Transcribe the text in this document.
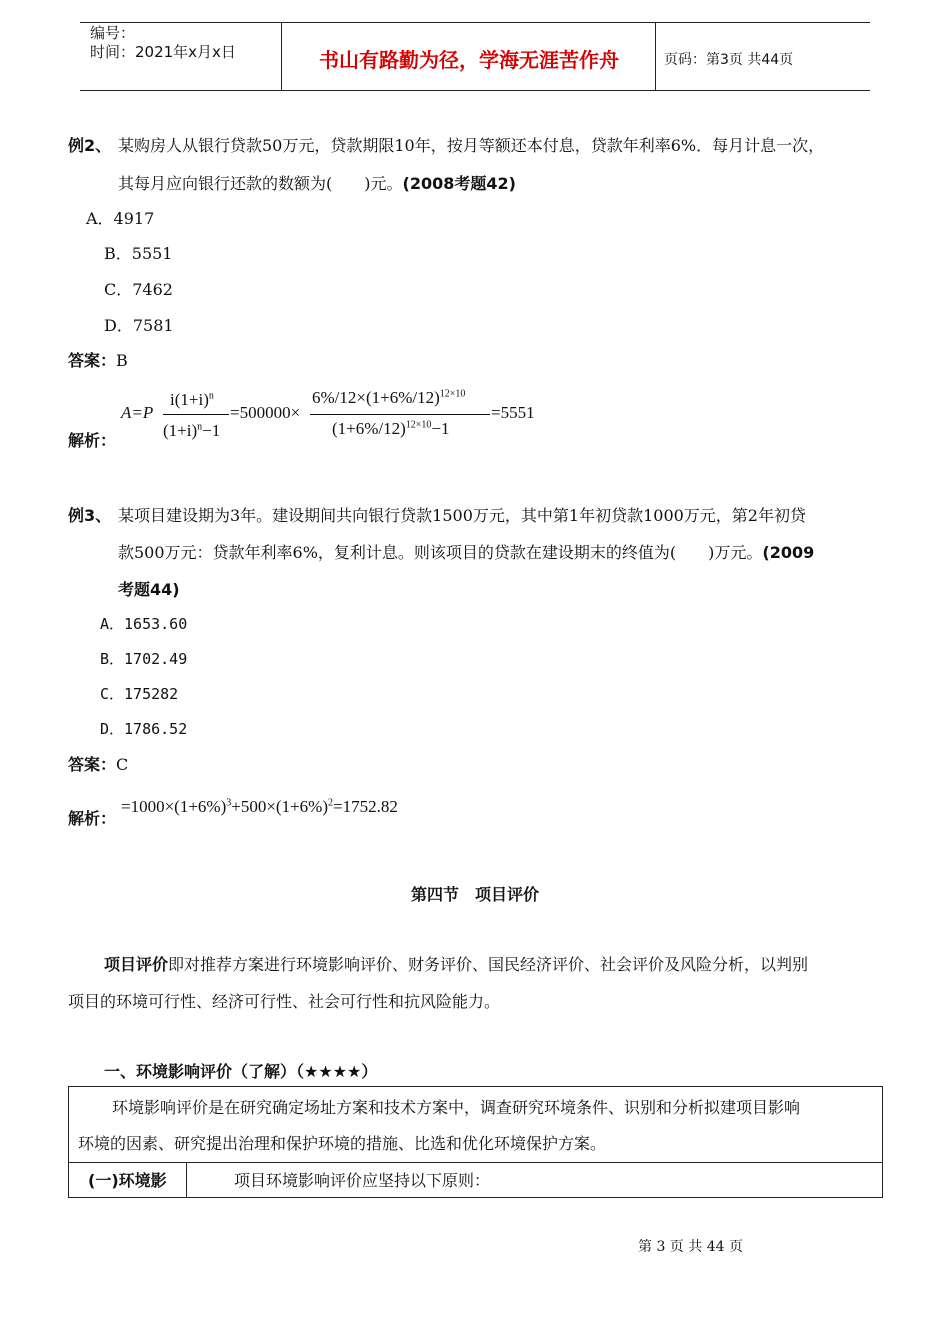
编号：
时间：2021年x月x日	书山有路勤为径，学海无涯苦作舟	页码：第3页 共44页
例2、 某购房人从银行贷款50万元，贷款期限10年，按月等额还本付息，贷款年利率6%．每月计息一次，
其每月应向银行还款的数额为(　　)元。(2008考题42)
A．4917
B．5551
C．7462
D．7581
答案：B
解析：
A=P
$i(1+i)^n$
$(1+i)^n-1$
=500000×
$6\%/12\times(1+6\%/12)^{12\times 10}$
$(1+6\%/12)^{12\times 10}-1$
=5551
例3、 某项目建设期为3年。建设期间共向银行贷款1500万元，其中第1年初贷款1000万元，第2年初贷
款500万元：贷款年利率6%，复利计息。则该项目的贷款在建设期末的终值为(　　)万元。(2009
考题44)
A．1653.60
B．1702.49
C．175282
D．1786.52
答案：C
解析：
$=1000\times(1+6\%)^3+500\times(1+6\%)^2=1752.82$
第四节　项目评价
项目评价即对推荐方案进行环境影响评价、财务评价、国民经济评价、社会评价及风险分析，以判别
项目的环境可行性、经济可行性、社会可行性和抗风险能力。
一、环境影响评价（了解）（★★★★）
环境影响评价是在研究确定场址方案和技术方案中，调查研究环境条件、识别和分析拟建项目影响
环境的因素、研究提出治理和保护环境的措施、比选和优化环境保护方案。
(一)环境影	项目环境影响评价应坚持以下原则：
第 3 页 共 44 页
